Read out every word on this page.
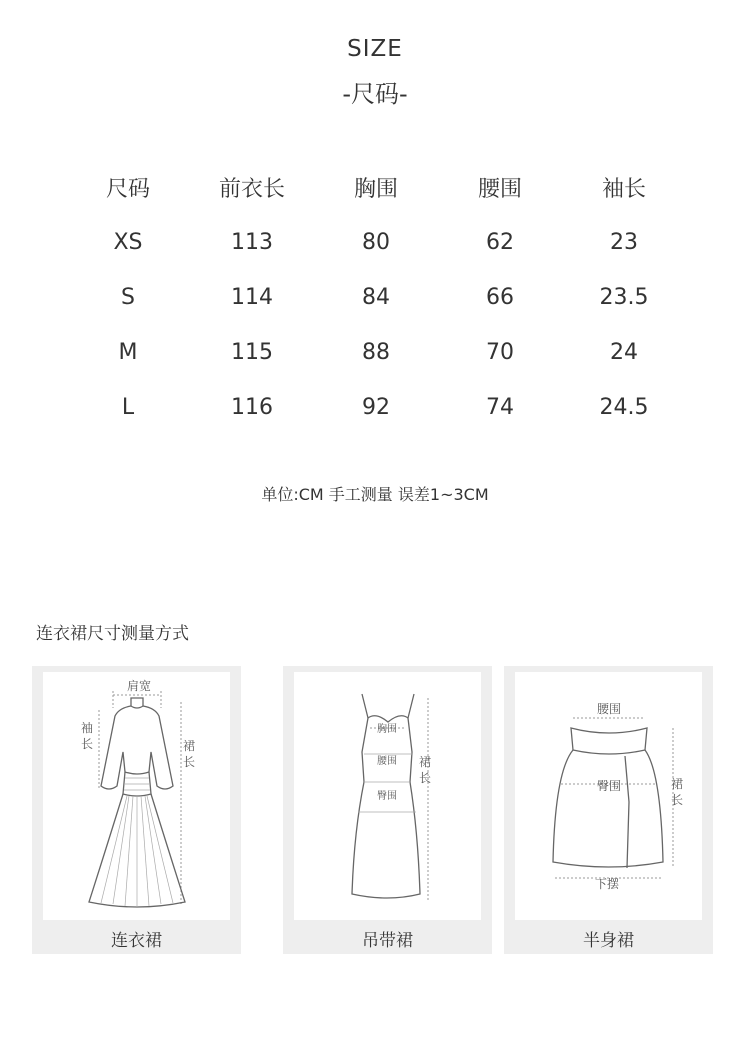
SIZE
-尺码-
尺码	前衣长	胸围	腰围	袖长
XS	113	80	62	23
S	114	84	66	23.5
M	115	88	70	24
L	116	92	74	24.5
单位:CM 手工测量 误差1~3CM
连衣裙尺寸测量方式
肩宽
袖
长	裙
长
连衣裙
裙
长
胸围
腰围
臀围
吊带裙
腰围
裙
长
臀围
下摆
半身裙
